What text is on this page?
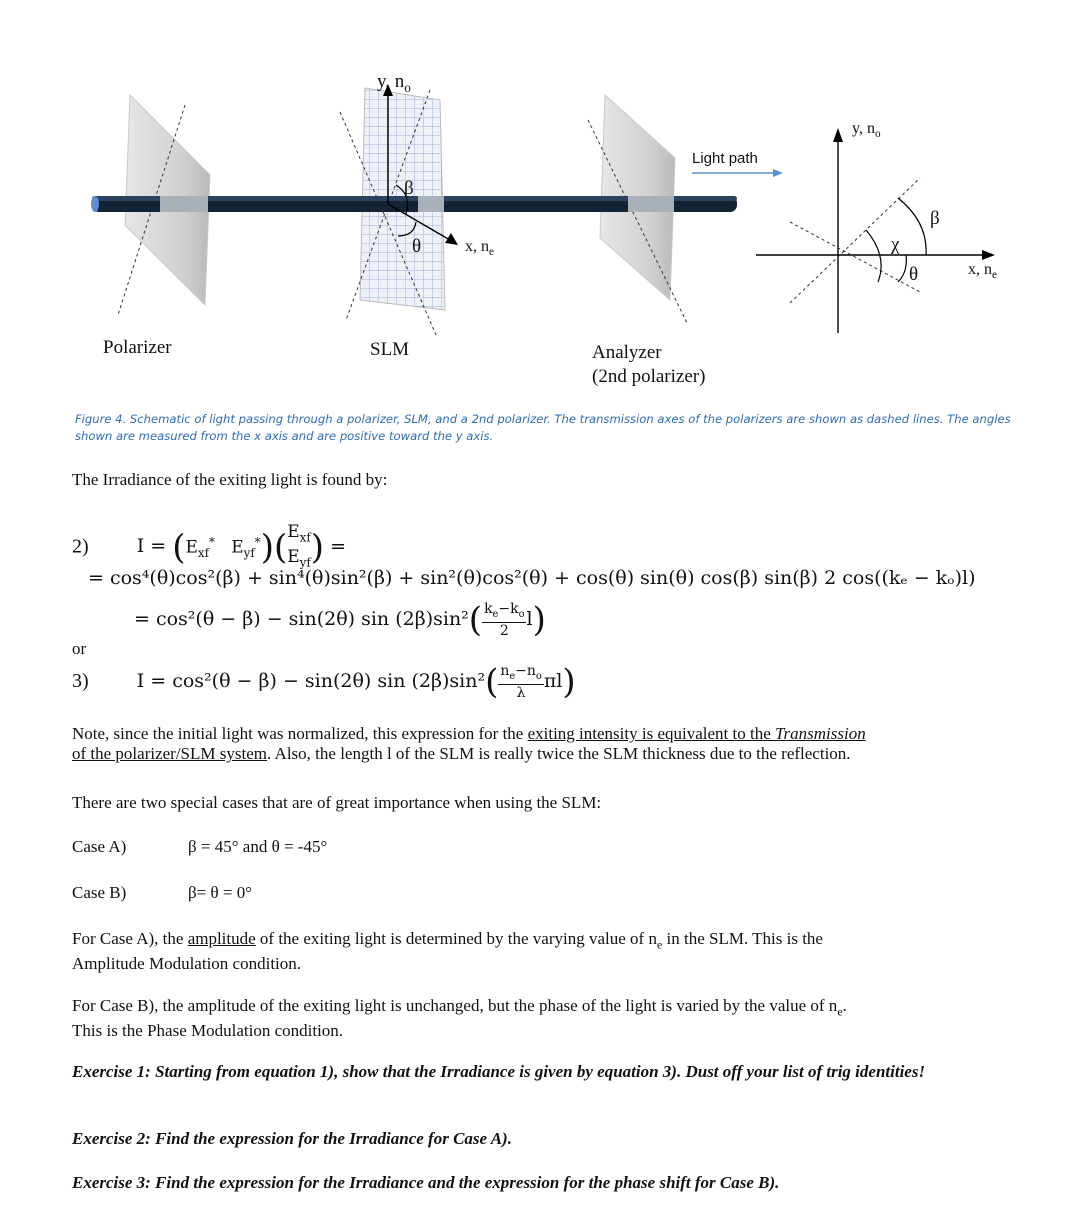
y, $n_o$
β
θ	x, $n_e$
y, $n_o$
Light path
β
χ
θ	x, $n_e$
Polarizer	SLM	Analyzer
(2nd polarizer)
Figure 4. Schematic of light passing through a polarizer, SLM, and a 2nd polarizer. The transmission axes of the polarizers are shown as dashed lines. The angles shown are measured from the x axis and are positive toward the y axis.
The Irradiance of the exiting light is found by:
2)	$I = (E_{xf}^*$   $E_{yf}^*)(E_{xf}$
$E_{yf}$) =
= cos⁴(θ)cos²(β) + sin⁴(θ)sin²(β) + sin²(θ)cos²(θ) + cos(θ) sin(θ) cos(β) sin(β) 2 cos((kₑ − kₒ)l)
= cos²(θ − β) − sin(2θ) $\sin (2\beta)\sin^2( \frac{k_e-k_o}{2} l)$
or
3)	I = cos²(θ − β) − sin(2θ) $\sin (2\beta)\sin^2( \frac{n_e-n_o}{\lambda} \pi l)$
Note, since the initial light was normalized, this expression for the exiting intensity is equivalent to the Transmission
of the polarizer/SLM system. Also, the length l of the SLM is really twice the SLM thickness due to the reflection.
There are two special cases that are of great importance when using the SLM:
Case A)	β = 45° and θ = -45°
Case B)	β= θ = 0°
For Case A), the amplitude of the exiting light is determined by the varying value of $n_e$ in the SLM. This is the
Amplitude Modulation condition.
For Case B), the amplitude of the exiting light is unchanged, but the phase of the light is varied by the value of $n_e$.
This is the Phase Modulation condition.
Exercise 1: Starting from equation 1), show that the Irradiance is given by equation 3). Dust off your list of trig identities!
Exercise 2: Find the expression for the Irradiance for Case A).
Exercise 3: Find the expression for the Irradiance and the expression for the phase shift for Case B).
